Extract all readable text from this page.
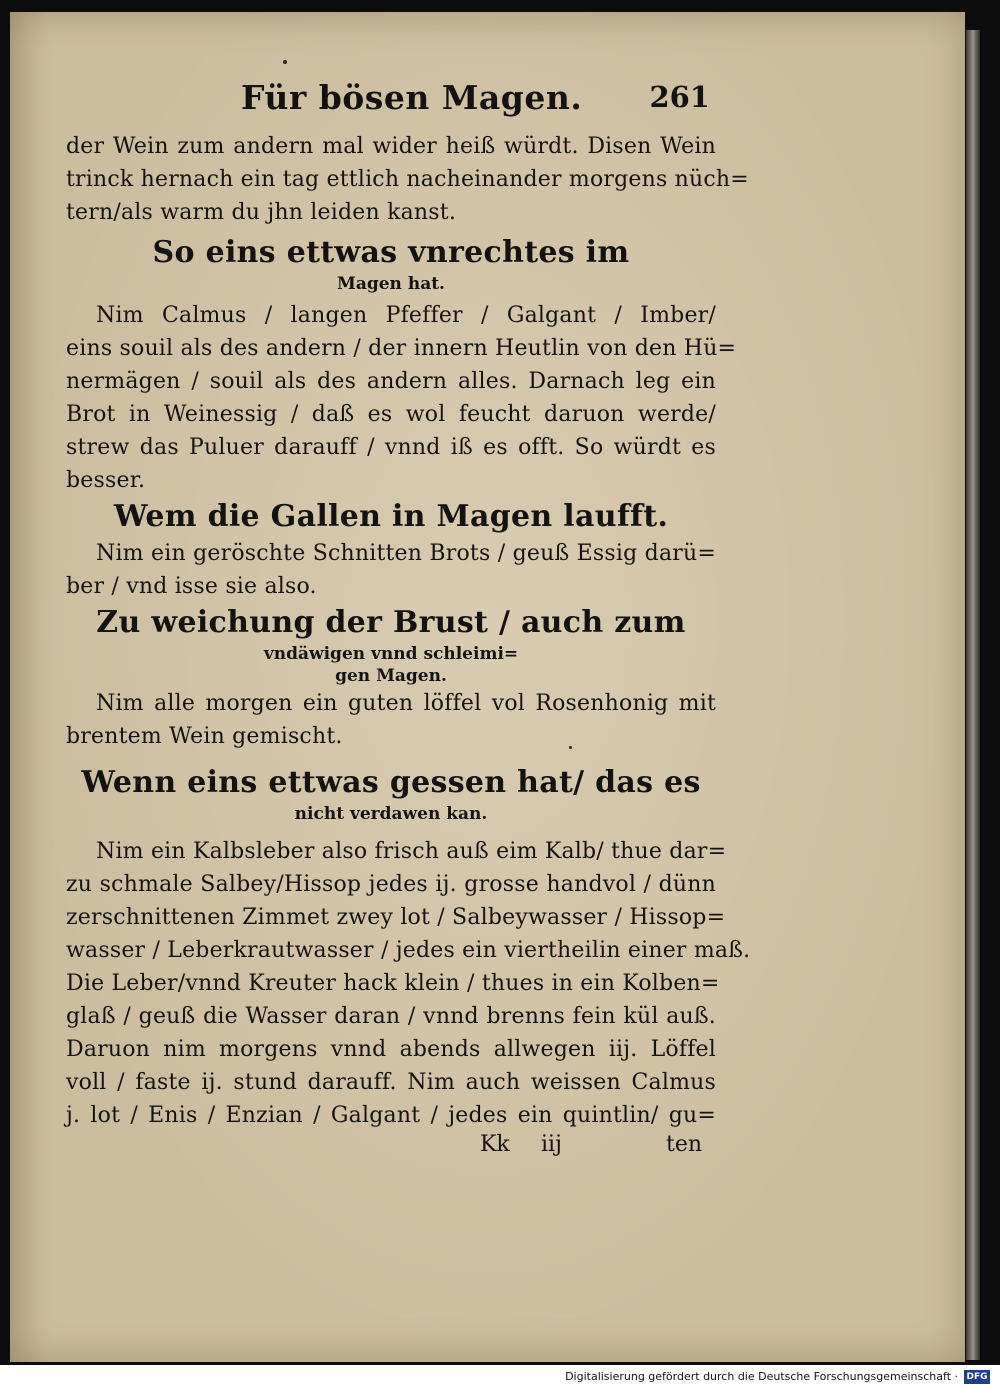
Für bösen Magen. 261
der Wein zum andern mal wider heiß würdt. Disen Wein
trinck hernach ein tag ettlich nacheinander morgens nüch=
tern/als warm du jhn leiden kanst.
So eins ettwas vnrechtes im
Magen hat.
Nim Calmus / langen Pfeffer / Galgant / Imber/
eins souil als des andern / der innern Heutlin von den Hü=
nermägen / souil als des andern alles. Darnach leg ein
Brot in Weinessig / daß es wol feucht daruon werde/
strew das Puluer darauff / vnnd iß es offt. So würdt es
besser.
Wem die Gallen in Magen laufft.
Nim ein geröschte Schnitten Brots / geuß Essig darü=
ber / vnd isse sie also.
Zu weichung der Brust / auch zum
vndäwigen vnnd schleimi=
gen Magen.
Nim alle morgen ein guten löffel vol Rosenhonig mit
brentem Wein gemischt.
Wenn eins ettwas gessen hat/ das es
nicht verdawen kan.
Nim ein Kalbsleber also frisch auß eim Kalb/ thue dar=
zu schmale Salbey/Hissop jedes ij. grosse handvol / dünn
zerschnittenen Zimmet zwey lot / Salbeywasser / Hissop=
wasser / Leberkrautwasser / jedes ein viertheilin einer maß.
Die Leber/vnnd Kreuter hack klein / thues in ein Kolben=
glaß / geuß die Wasser daran / vnnd brenns fein kül auß.
Daruon nim morgens vnnd abends allwegen iij. Löffel
voll / faste ij. stund darauff. Nim auch weissen Calmus
j. lot / Enis / Enzian / Galgant / jedes ein quintlin/ gu=
Kk iij	ten
Digitalisierung gefördert durch die Deutsche Forschungsgemeinschaft · DFG
